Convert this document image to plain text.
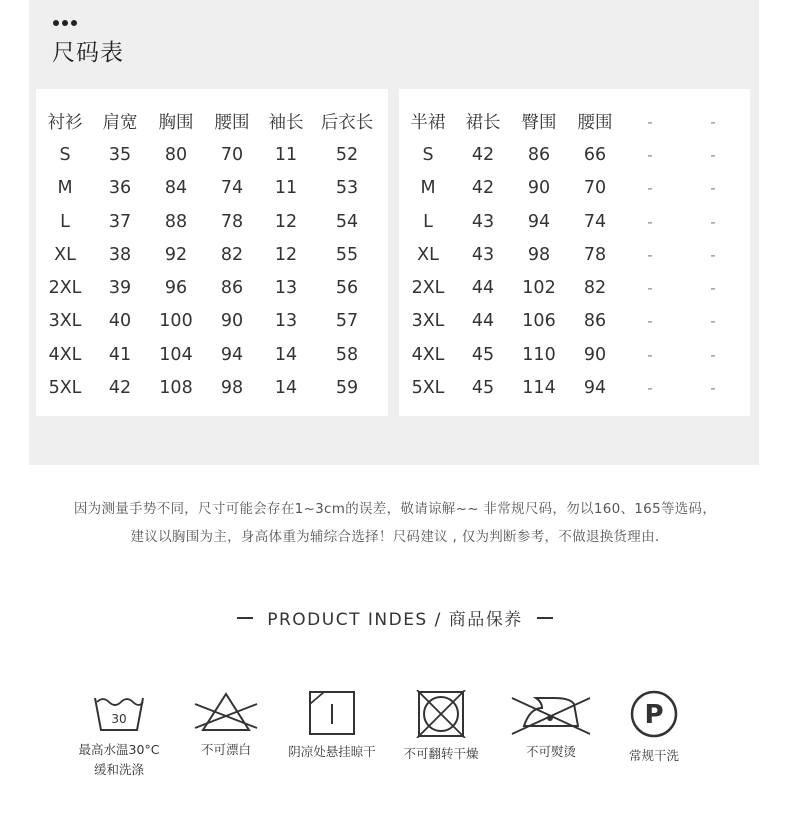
尺码表
衬衫	肩宽	胸围	腰围	袖长	后衣长
S	35	80	70	11	52
M	36	84	74	11	53
L	37	88	78	12	54
XL	38	92	82	12	55
2XL	39	96	86	13	56
3XL	40	100	90	13	57
4XL	41	104	94	14	58
5XL	42	108	98	14	59
半裙	裙长	臀围	腰围	-	-
S	42	86	66	-	-
M	42	90	70	-	-
L	43	94	74	-	-
XL	43	98	78	-	-
2XL	44	102	82	-	-
3XL	44	106	86	-	-
4XL	45	110	90	-	-
5XL	45	114	94	-	-
因为测量手势不同，尺寸可能会存在1~3cm的误差，敬请谅解~~ 非常规尺码，勿以160、165等选码，
建议以胸围为主，身高体重为辅综合选择！尺码建议 , 仅为判断参考，不做退换货理由.
PRODUCT INDES / 商品保养
30
最高水温30°C
缓和洗涤
不可漂白	阴凉处悬挂晾干	不可翻转干燥	不可熨烫
P
常规干洗
